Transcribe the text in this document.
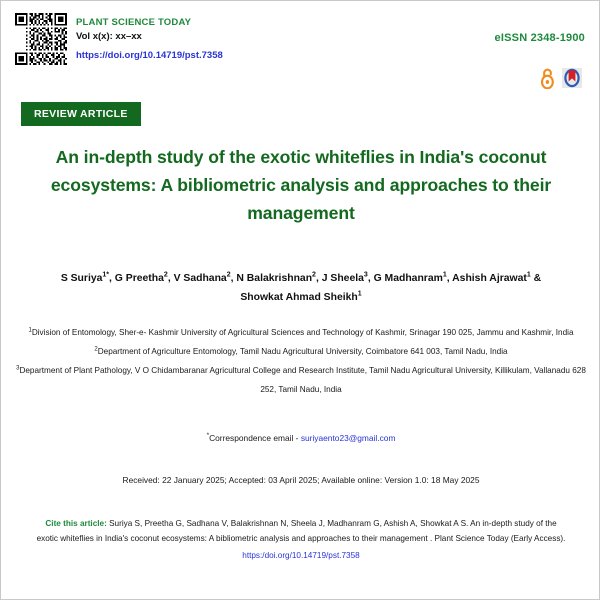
PLANT SCIENCE TODAY
Vol x(x): xx–xx
https://doi.org/10.14719/pst.7358
eISSN 2348-1900
REVIEW ARTICLE
An in-depth study of the exotic whiteflies in India's coconut ecosystems: A bibliometric analysis and approaches to their management
S Suriya$^{1*}$, G Preetha$^2$, V Sadhana$^2$, N Balakrishnan$^2$, J Sheela$^3$, G Madhanram$^1$, Ashish Ajrawat$^1$ & Showkat Ahmad Sheikh$^1$

$^1$Division of Entomology, Sher-e- Kashmir University of Agricultural Sciences and Technology of Kashmir, Srinagar 190 025, Jammu and Kashmir, India

$^2$Department of Agriculture Entomology, Tamil Nadu Agricultural University, Coimbatore 641 003, Tamil Nadu, India

$^3$Department of Plant Pathology, V O Chidambaranar Agricultural College and Research Institute, Tamil Nadu Agricultural University, Killikulam, Vallanadu 628 252, Tamil Nadu, India

*Correspondence email - suriyaento23@gmail.com
Received: 22 January 2025; Accepted: 03 April 2025; Available online: Version 1.0: 18 May 2025
Cite this article: Suriya S, Preetha G, Sadhana V, Balakrishnan N, Sheela J, Madhanram G, Ashish A, Showkat A S. An in-depth study of the exotic whiteflies in India's coconut ecosystems: A bibliometric analysis and approaches to their management . Plant Science Today (Early Access).
https:/doi.org/10.14719/pst.7358
